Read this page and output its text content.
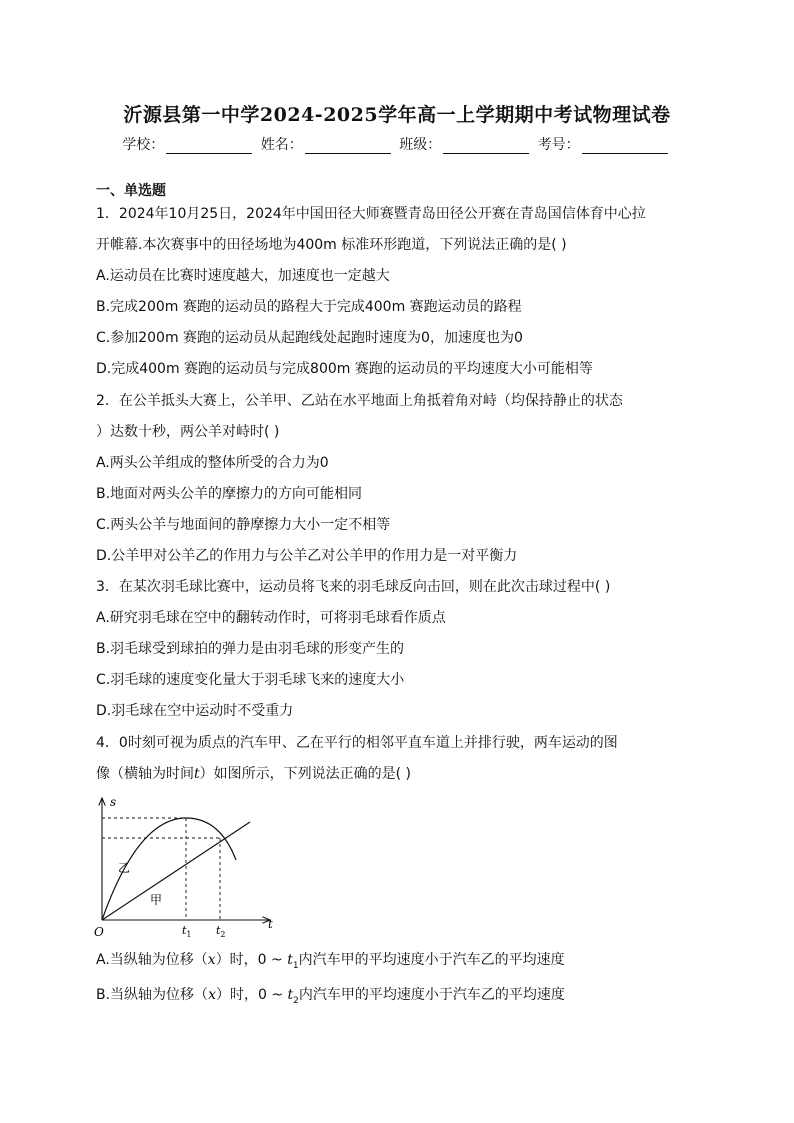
沂源县第一中学2024-2025学年高一上学期期中考试物理试卷
学校：	姓名：	班级：	考号：
一、单选题
1．2024年10月25日，2024年中国田径大师赛暨青岛田径公开赛在青岛国信体育中心拉
开帷幕.本次赛事中的田径场地为400m 标准环形跑道，下列说法正确的是( )
A.运动员在比赛时速度越大，加速度也一定越大
B.完成200m 赛跑的运动员的路程大于完成400m 赛跑运动员的路程
C.参加200m 赛跑的运动员从起跑线处起跑时速度为0，加速度也为0
D.完成400m 赛跑的运动员与完成800m 赛跑的运动员的平均速度大小可能相等
2．在公羊抵头大赛上，公羊甲、乙站在水平地面上角抵着角对峙（均保持静止的状态
）达数十秒，两公羊对峙时( )
A.两头公羊组成的整体所受的合力为0
B.地面对两头公羊的摩擦力的方向可能相同
C.两头公羊与地面间的静摩擦力大小一定不相等
D.公羊甲对公羊乙的作用力与公羊乙对公羊甲的作用力是一对平衡力
3．在某次羽毛球比赛中，运动员将飞来的羽毛球反向击回，则在此次击球过程中( )
A.研究羽毛球在空中的翻转动作时，可将羽毛球看作质点
B.羽毛球受到球拍的弹力是由羽毛球的形变产生的
C.羽毛球的速度变化量大于羽毛球飞来的速度大小
D.羽毛球在空中运动时不受重力
4．0时刻可视为质点的汽车甲、乙在平行的相邻平直车道上并排行驶，两车运动的图
像（横轴为时间t）如图所示，下列说法正确的是( )
s
t
O
乙
甲
$t_1$ $t_2$
A.当纵轴为位移（x）时，0 ~ $t_1$内汽车甲的平均速度小于汽车乙的平均速度
B.当纵轴为位移（x）时，0 ~ $t_2$内汽车甲的平均速度小于汽车乙的平均速度
